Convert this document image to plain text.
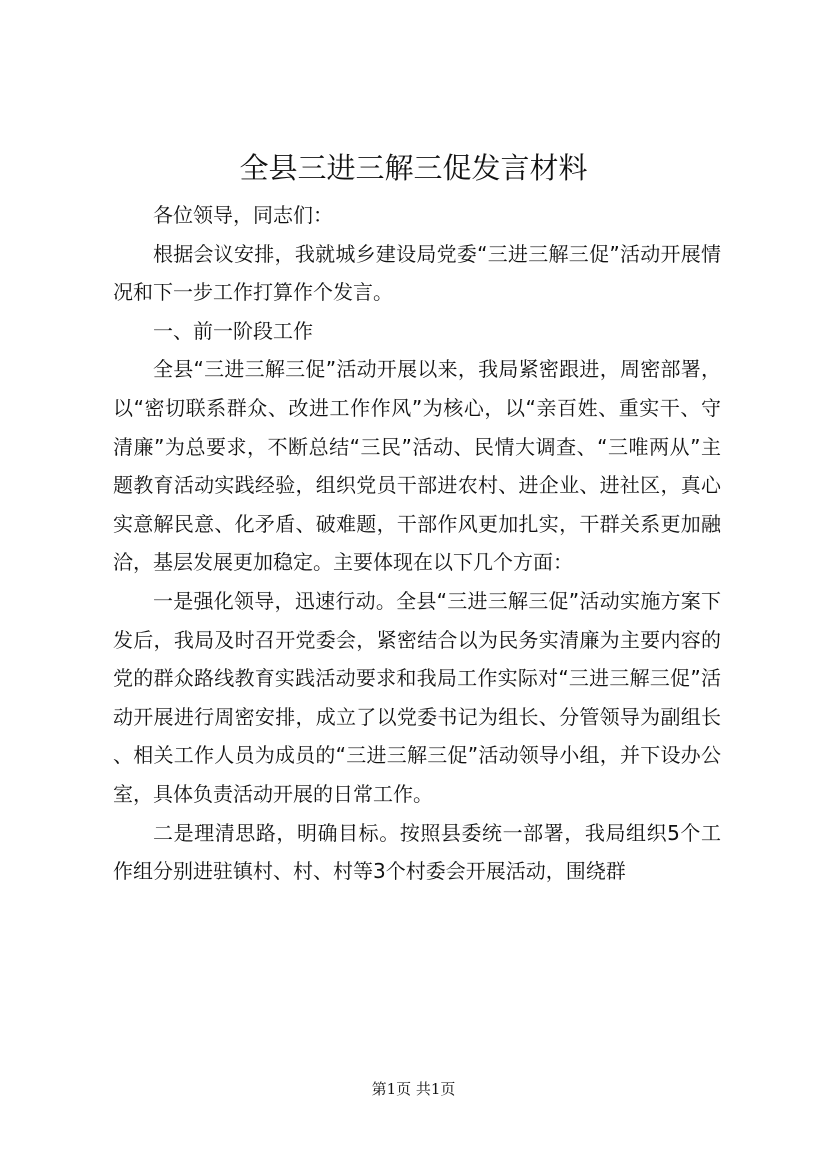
全县三进三解三促发言材料

各位领导，同志们：

根据会议安排，我就城乡建设局党委“三进三解三促”活动开展情况和下一步工作打算作个发言。

一、前一阶段工作

全县“三进三解三促”活动开展以来，我局紧密跟进，周密部署，以“密切联系群众、改进工作作风”为核心，以“亲百姓、重实干、守清廉”为总要求，不断总结“三民”活动、民情大调查、“三唯两从”主题教育活动实践经验，组织党员干部进农村、进企业、进社区，真心实意解民意、化矛盾、破难题，干部作风更加扎实，干群关系更加融洽，基层发展更加稳定。主要体现在以下几个方面：

一是强化领导，迅速行动。全县“三进三解三促”活动实施方案下发后，我局及时召开党委会，紧密结合以为民务实清廉为主要内容的党的群众路线教育实践活动要求和我局工作实际对“三进三解三促”活动开展进行周密安排，成立了以党委书记为组长、分管领导为副组长、相关工作人员为成员的“三进三解三促”活动领导小组，并下设办公室，具体负责活动开展的日常工作。

二是理清思路，明确目标。按照县委统一部署，我局组织5个工作组分别进驻镇村、村、村等3个村委会开展活动，围绕群

第1页 共1页
